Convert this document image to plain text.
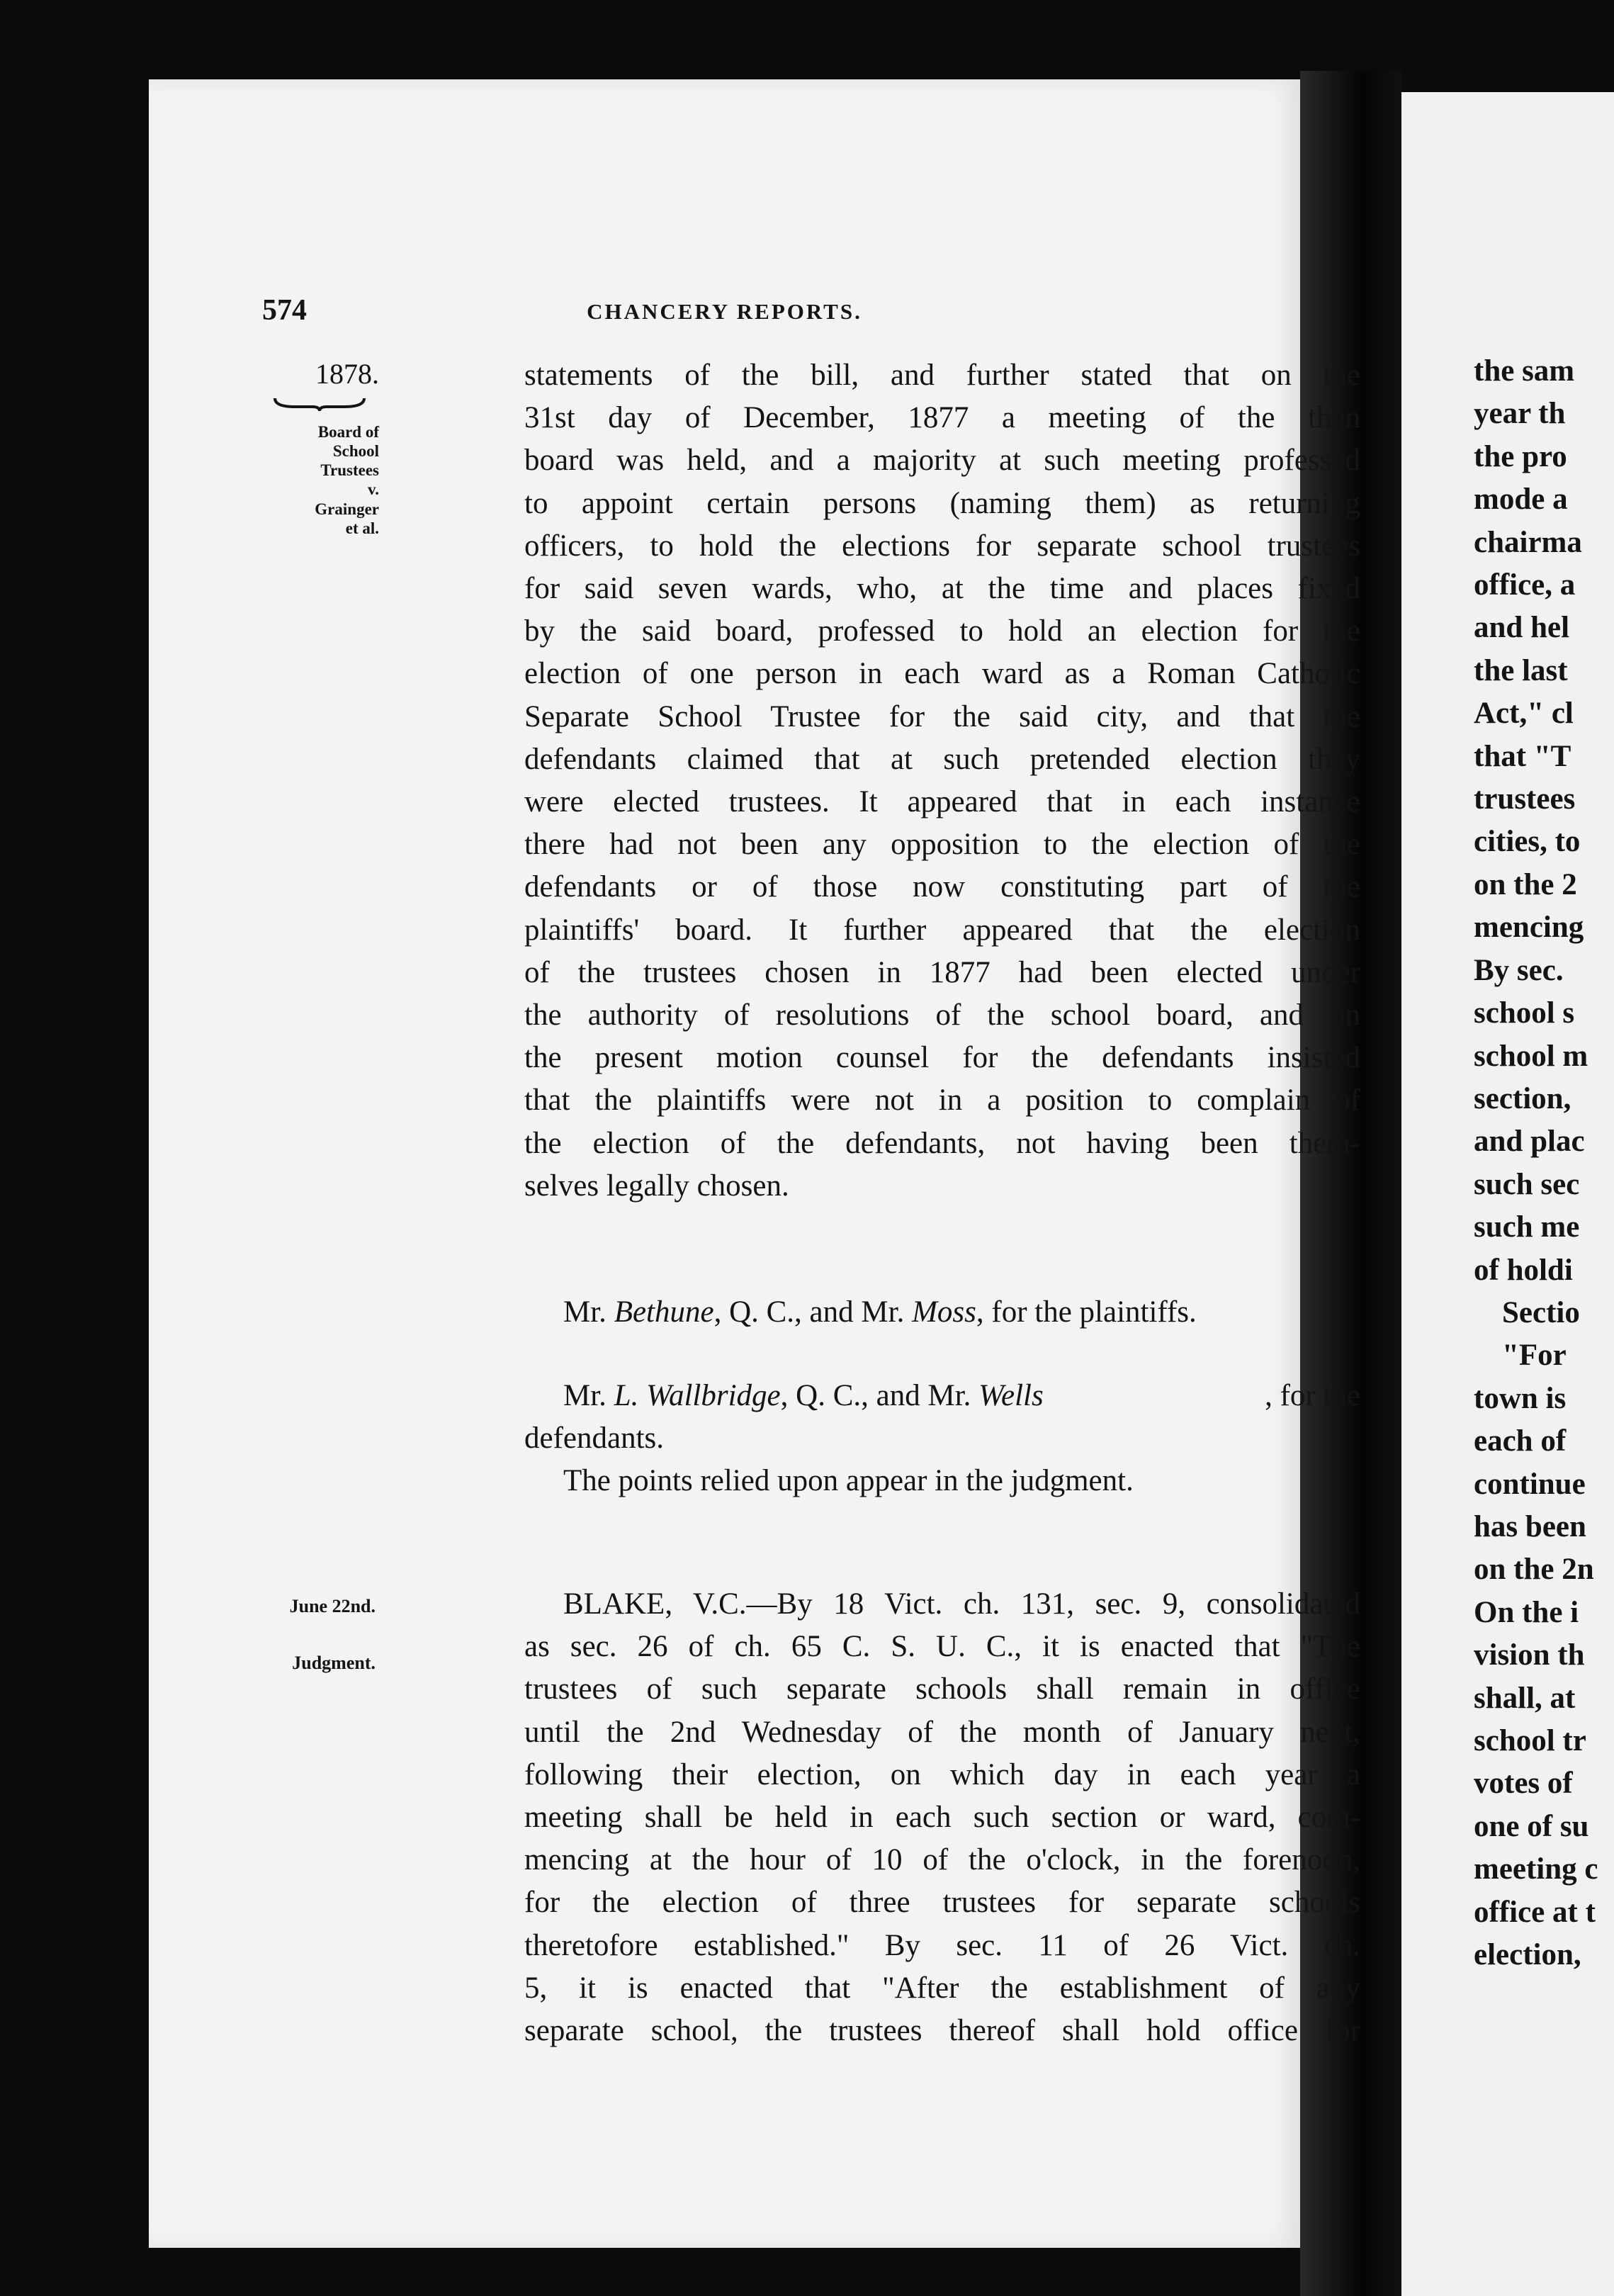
574	CHANCERY REPORTS.
1878.
Board of
School
Trustees
v.
Grainger
et al.
June 22nd.
Judgment.
statements of the bill, and further stated that on the
31st day of December, 1877 a meeting of the then
board was held, and a majority at such meeting professed
to appoint certain persons (naming them) as returning
officers, to hold the elections for separate school trustees
for said seven wards, who, at the time and places fixed
by the said board, professed to hold an election for the
election of one person in each ward as a Roman Catholic
Separate School Trustee for the said city, and that the
defendants claimed that at such pretended election they
were elected trustees. It appeared that in each instance
there had not been any opposition to the election of the
defendants or of those now constituting part of the
plaintiffs' board. It further appeared that the election
of the trustees chosen in 1877 had been elected under
the authority of resolutions of the school board, and on
the present motion counsel for the defendants insisted
that the plaintiffs were not in a position to complain of
the election of the defendants, not having been them-
selves legally chosen.
Mr. Bethune, Q. C., and Mr. Moss, for the plaintiffs.
Mr. L. Wallbridge, Q. C., and Mr. Wells	, for the
defendants.
The points relied upon appear in the judgment.
BLAKE, V.C.—By 18 Vict. ch. 131, sec. 9, consolidated
as sec. 26 of ch. 65 C. S. U. C., it is enacted that "The
trustees of such separate schools shall remain in office
until the 2nd Wednesday of the month of January next,
following their election, on which day in each year a
meeting shall be held in each such section or ward, com-
mencing at the hour of 10 of the o'clock, in the forenoon,
for the election of three trustees for separate schools
theretofore established." By sec. 11 of 26 Vict. ch.
5, it is enacted that "After the establishment of any
separate school, the trustees thereof shall hold office for
the sam
year th
the pro
mode a
chairma
office, a
and hel
the last
Act," cl
that "T
trustees
cities, to
on the 2
mencing
By sec.
school s
school m
section,
and plac
such sec
such me
of holdi
Sectio
"For
town is
each of
continue
has been
on the 2n
On the i
vision th
shall, at
school tr
votes of
one of su
meeting c
office at t
election,
